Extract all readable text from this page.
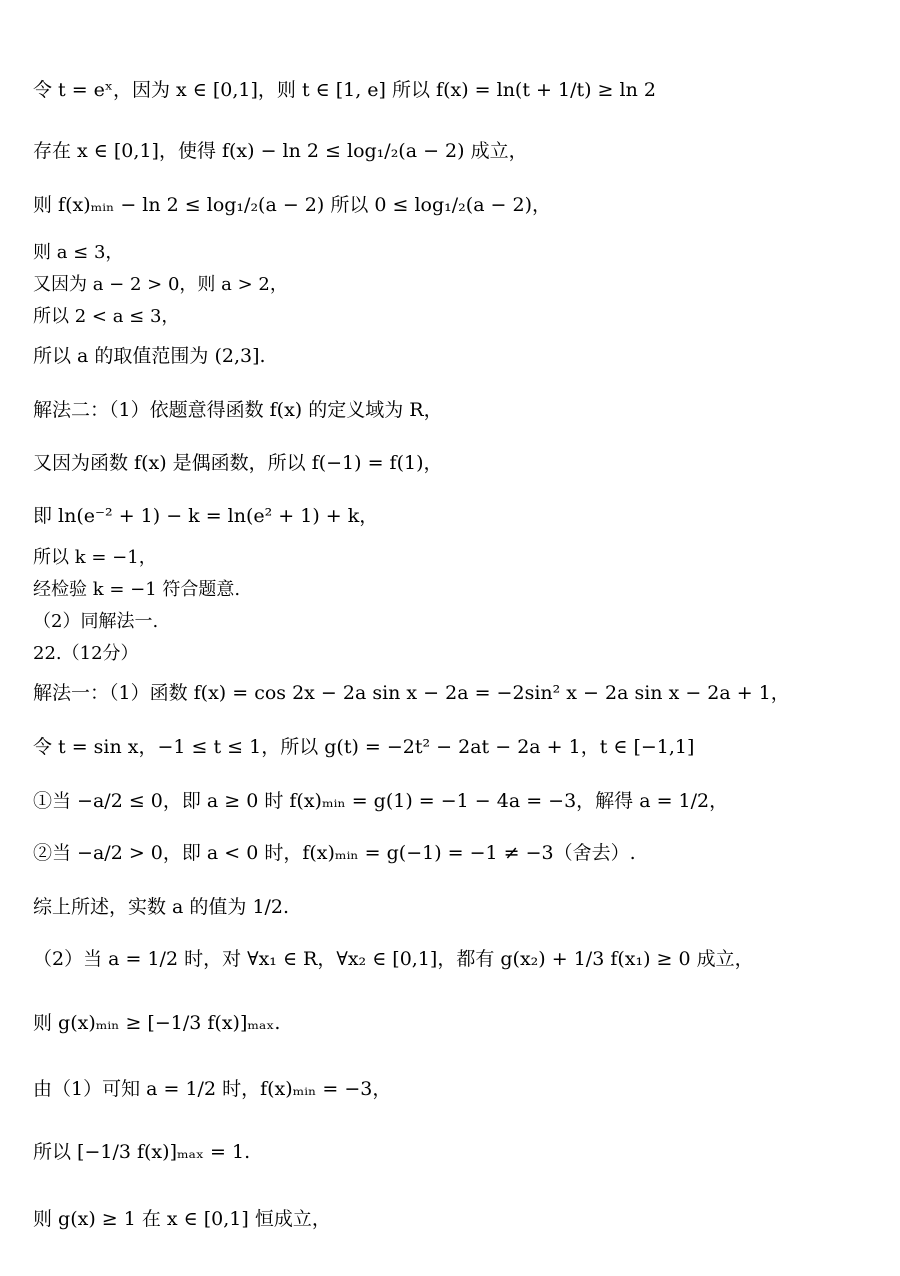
令 t = eˣ，因为 x ∈ [0,1]，则 t ∈ [1, e] 所以 f(x) = ln(t + 1/t) ≥ ln 2
存在 x ∈ [0,1]，使得 f(x) − ln 2 ≤ log₁/₂(a − 2) 成立，
则 f(x)ₘᵢₙ − ln 2 ≤ log₁/₂(a − 2) 所以 0 ≤ log₁/₂(a − 2)，
则 a ≤ 3，
又因为 a − 2 > 0，则 a > 2，
所以 2 < a ≤ 3，
所以 a 的取值范围为 (2,3].
解法二：（1）依题意得函数 f(x) 的定义域为 R，
又因为函数 f(x) 是偶函数，所以 f(−1) = f(1)，
即 ln(e⁻² + 1) − k = ln(e² + 1) + k，
所以 k = −1，
经检验 k = −1 符合题意.
（2）同解法一.
22.（12分）
解法一：（1）函数 f(x) = cos 2x − 2a sin x − 2a = −2sin² x − 2a sin x − 2a + 1，
令 t = sin x，−1 ≤ t ≤ 1，所以 g(t) = −2t² − 2at − 2a + 1，t ∈ [−1,1]
①当 −a/2 ≤ 0，即 a ≥ 0 时 f(x)ₘᵢₙ = g(1) = −1 − 4a = −3，解得 a = 1/2，
②当 −a/2 > 0，即 a < 0 时，f(x)ₘᵢₙ = g(−1) = −1 ≠ −3（舍去）.
综上所述，实数 a 的值为 1/2.
（2）当 a = 1/2 时，对 ∀x₁ ∈ R，∀x₂ ∈ [0,1]，都有 g(x₂) + 1/3 f(x₁) ≥ 0 成立，
则 g(x)ₘᵢₙ ≥ [−1/3 f(x)]ₘₐₓ.
由（1）可知 a = 1/2 时，f(x)ₘᵢₙ = −3，
所以 [−1/3 f(x)]ₘₐₓ = 1.
则 g(x) ≥ 1 在 x ∈ [0,1] 恒成立，
